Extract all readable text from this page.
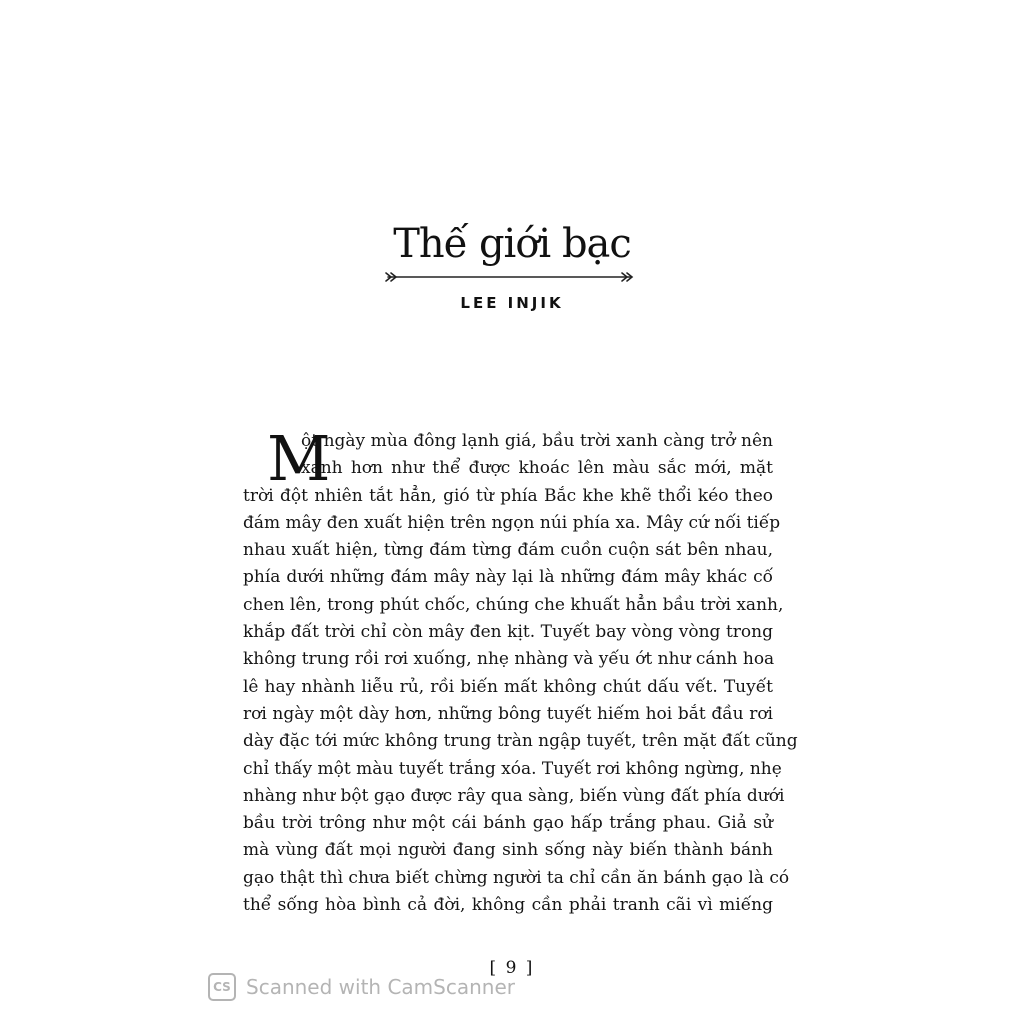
Thế giới bạc
LEE INJIK
M
ột ngày mùa đông lạnh giá, bầu trời xanh càng trở nên
xanh hơn như thể được khoác lên màu sắc mới, mặt
trời đột nhiên tắt hẳn, gió từ phía Bắc khe khẽ thổi kéo theo
đám mây đen xuất hiện trên ngọn núi phía xa. Mây cứ nối tiếp
nhau xuất hiện, từng đám từng đám cuồn cuộn sát bên nhau,
phía dưới những đám mây này lại là những đám mây khác cố
chen lên, trong phút chốc, chúng che khuất hẳn bầu trời xanh,
khắp đất trời chỉ còn mây đen kịt. Tuyết bay vòng vòng trong
không trung rồi rơi xuống, nhẹ nhàng và yếu ớt như cánh hoa
lê hay nhành liễu rủ, rồi biến mất không chút dấu vết. Tuyết
rơi ngày một dày hơn, những bông tuyết hiếm hoi bắt đầu rơi
dày đặc tới mức không trung tràn ngập tuyết, trên mặt đất cũng
chỉ thấy một màu tuyết trắng xóa. Tuyết rơi không ngừng, nhẹ
nhàng như bột gạo được rây qua sàng, biến vùng đất phía dưới
bầu trời trông như một cái bánh gạo hấp trắng phau. Giả sử
mà vùng đất mọi người đang sinh sống này biến thành bánh
gạo thật thì chưa biết chừng người ta chỉ cần ăn bánh gạo là có
thể sống hòa bình cả đời, không cần phải tranh cãi vì miếng
[ 9 ]
CS Scanned with CamScanner
